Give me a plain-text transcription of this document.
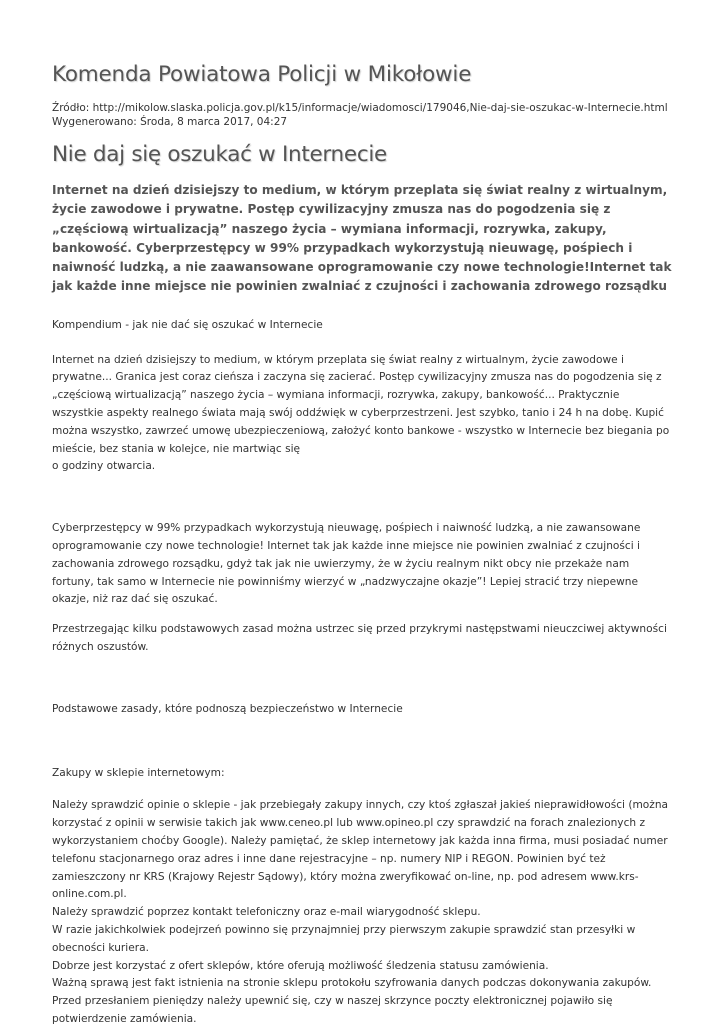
Komenda Powiatowa Policji w Mikołowie

Źródło: http://mikolow.slaska.policja.gov.pl/k15/informacje/wiadomosci/179046,Nie-daj-sie-oszukac-w-Internecie.html

Wygenerowano: Środa, 8 marca 2017, 04:27

Nie daj się oszukać w Internecie

Internet na dzień dzisiejszy to medium, w którym przeplata się świat realny z wirtualnym, życie zawodowe i prywatne. Postęp cywilizacyjny zmusza nas do pogodzenia się z „częściową wirtualizacją” naszego życia – wymiana informacji, rozrywka, zakupy, bankowość. Cyberprzestępcy w 99% przypadkach wykorzystują nieuwagę, pośpiech i naiwność ludzką, a nie zaawansowane oprogramowanie czy nowe technologie!Internet tak jak każde inne miejsce nie powinien zwalniać z czujności i zachowania zdrowego rozsądku

Kompendium - jak nie dać się oszukać w Internecie

Internet na dzień dzisiejszy to medium, w którym przeplata się świat realny z wirtualnym, życie zawodowe i prywatne... Granica jest coraz cieńsza i zaczyna się zacierać. Postęp cywilizacyjny zmusza nas do pogodzenia się z „częściową wirtualizacją” naszego życia – wymiana informacji, rozrywka, zakupy, bankowość... Praktycznie wszystkie aspekty realnego świata mają swój oddźwięk w cyberprzestrzeni. Jest szybko, tanio i 24 h na dobę. Kupić można wszystko, zawrzeć umowę ubezpieczeniową, założyć konto bankowe - wszystko w Internecie bez biegania po mieście, bez stania w kolejce, nie martwiąc się
o godziny otwarcia.

Cyberprzestępcy w 99% przypadkach wykorzystują nieuwagę, pośpiech i naiwność ludzką, a nie zawansowane oprogramowanie czy nowe technologie! Internet tak jak każde inne miejsce nie powinien zwalniać z czujności i zachowania zdrowego rozsądku, gdyż tak jak nie uwierzymy, że w życiu realnym nikt obcy nie przekaże nam fortuny, tak samo w Internecie nie powinniśmy wierzyć w „nadzwyczajne okazje”! Lepiej stracić trzy niepewne okazje, niż raz dać się oszukać.

Przestrzegając kilku podstawowych zasad można ustrzec się przed przykrymi następstwami nieuczciwej aktywności różnych oszustów.

Podstawowe zasady, które podnoszą bezpieczeństwo w Internecie

Zakupy w sklepie internetowym:

Należy sprawdzić opinie o sklepie - jak przebiegały zakupy innych, czy ktoś zgłaszał jakieś nieprawidłowości (można korzystać z opinii w serwisie takich jak www.ceneo.pl lub www.opineo.pl czy sprawdzić na forach znalezionych z wykorzystaniem choćby Google). Należy pamiętać, że sklep internetowy jak każda inna firma, musi posiadać numer telefonu stacjonarnego oraz adres i inne dane rejestracyjne – np. numery NIP i REGON. Powinien być też zamieszczony nr KRS (Krajowy Rejestr Sądowy), który można zweryfikować on-line, np. pod adresem www.krs-online.com.pl.
Należy sprawdzić poprzez kontakt telefoniczny oraz e-mail wiarygodność sklepu.
W razie jakichkolwiek podejrzeń powinno się przynajmniej przy pierwszym zakupie sprawdzić stan przesyłki w obecności kuriera.
Dobrze jest korzystać z ofert sklepów, które oferują możliwość śledzenia statusu zamówienia.
Ważną sprawą jest fakt istnienia na stronie sklepu protokołu szyfrowania danych podczas dokonywania zakupów.
Przed przesłaniem pieniędzy należy upewnić się, czy w naszej skrzynce poczty elektronicznej pojawiło się potwierdzenie zamówienia.
